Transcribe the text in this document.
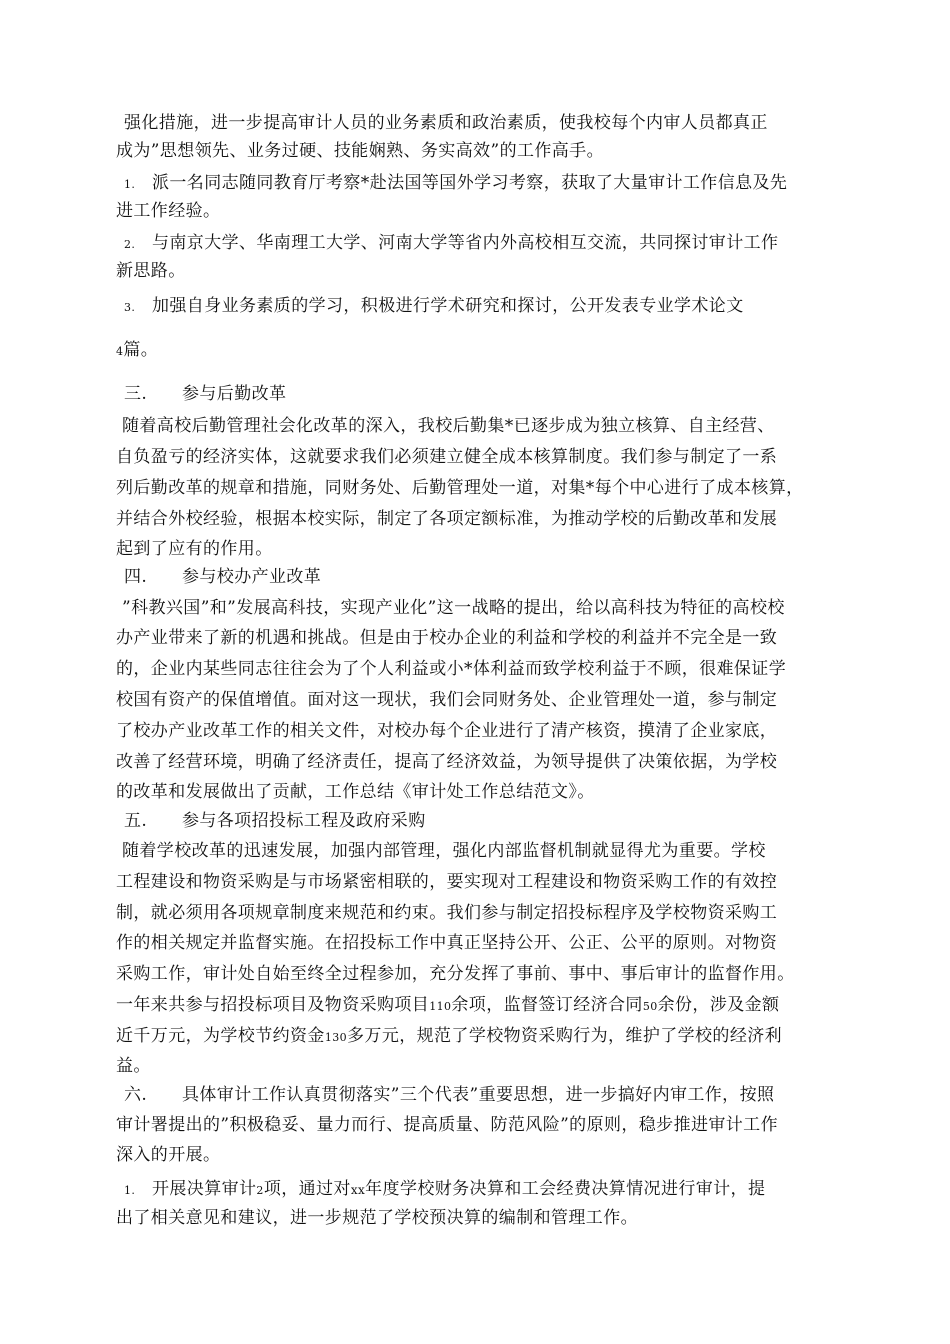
强化措施，进一步提高审计人员的业务素质和政治素质，使我校每个内审人员都真正
成为”思想领先、业务过硬、技能娴熟、务实高效”的工作高手。
1. 派一名同志随同教育厅考察*赴法国等国外学习考察，获取了大量审计工作信息及先
进工作经验。
2. 与南京大学、华南理工大学、河南大学等省内外高校相互交流，共同探讨审计工作
新思路。
3. 加强自身业务素质的学习，积极进行学术研究和探讨，公开发表专业学术论文
4篇。
三. 参与后勤改革
随着高校后勤管理社会化改革的深入，我校后勤集*已逐步成为独立核算、自主经营、
自负盈亏的经济实体，这就要求我们必须建立健全成本核算制度。我们参与制定了一系
列后勤改革的规章和措施，同财务处、后勤管理处一道，对集*每个中心进行了成本核算，
并结合外校经验，根据本校实际，制定了各项定额标准，为推动学校的后勤改革和发展
起到了应有的作用。
四. 参与校办产业改革
”科教兴国”和”发展高科技，实现产业化”这一战略的提出，给以高科技为特征的高校校
办产业带来了新的机遇和挑战。但是由于校办企业的利益和学校的利益并不完全是一致
的，企业内某些同志往往会为了个人利益或小*体利益而致学校利益于不顾，很难保证学
校国有资产的保值增值。面对这一现状，我们会同财务处、企业管理处一道，参与制定
了校办产业改革工作的相关文件，对校办每个企业进行了清产核资，摸清了企业家底，
改善了经营环境，明确了经济责任，提高了经济效益，为领导提供了决策依据，为学校
的改革和发展做出了贡献，工作总结《审计处工作总结范文》。
五. 参与各项招投标工程及政府采购
随着学校改革的迅速发展，加强内部管理，强化内部监督机制就显得尤为重要。学校
工程建设和物资采购是与市场紧密相联的，要实现对工程建设和物资采购工作的有效控
制，就必须用各项规章制度来规范和约束。我们参与制定招投标程序及学校物资采购工
作的相关规定并监督实施。在招投标工作中真正坚持公开、公正、公平的原则。对物资
采购工作，审计处自始至终全过程参加，充分发挥了事前、事中、事后审计的监督作用。
一年来共参与招投标项目及物资采购项目110余项，监督签订经济合同50余份，涉及金额
近千万元，为学校节约资金130多万元，规范了学校物资采购行为，维护了学校的经济利
益。
六. 具体审计工作认真贯彻落实”三个代表”重要思想，进一步搞好内审工作，按照
审计署提出的”积极稳妥、量力而行、提高质量、防范风险”的原则，稳步推进审计工作
深入的开展。
1. 开展决算审计2项，通过对xx年度学校财务决算和工会经费决算情况进行审计，提
出了相关意见和建议，进一步规范了学校预决算的编制和管理工作。
